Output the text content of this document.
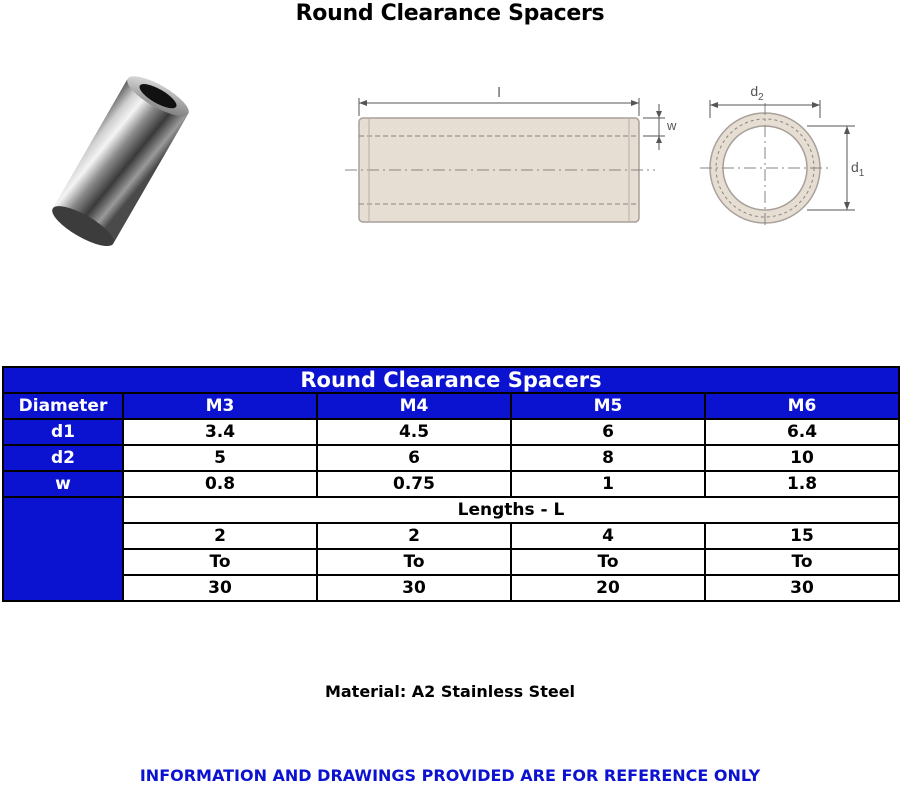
Round Clearance Spacers
l
w
$d_2$
$d_1$
Round Clearance Spacers				
Diameter	M3	M4	M5	M6
d1	3.4	4.5	6	6.4
d2	5	6	8	10
w	0.8	0.75	1	1.8
	Lengths - L			
	2	2	4	15
	To	To	To	To
	30	30	20	30
Material: A2 Stainless Steel
INFORMATION AND DRAWINGS PROVIDED ARE FOR REFERENCE ONLY
